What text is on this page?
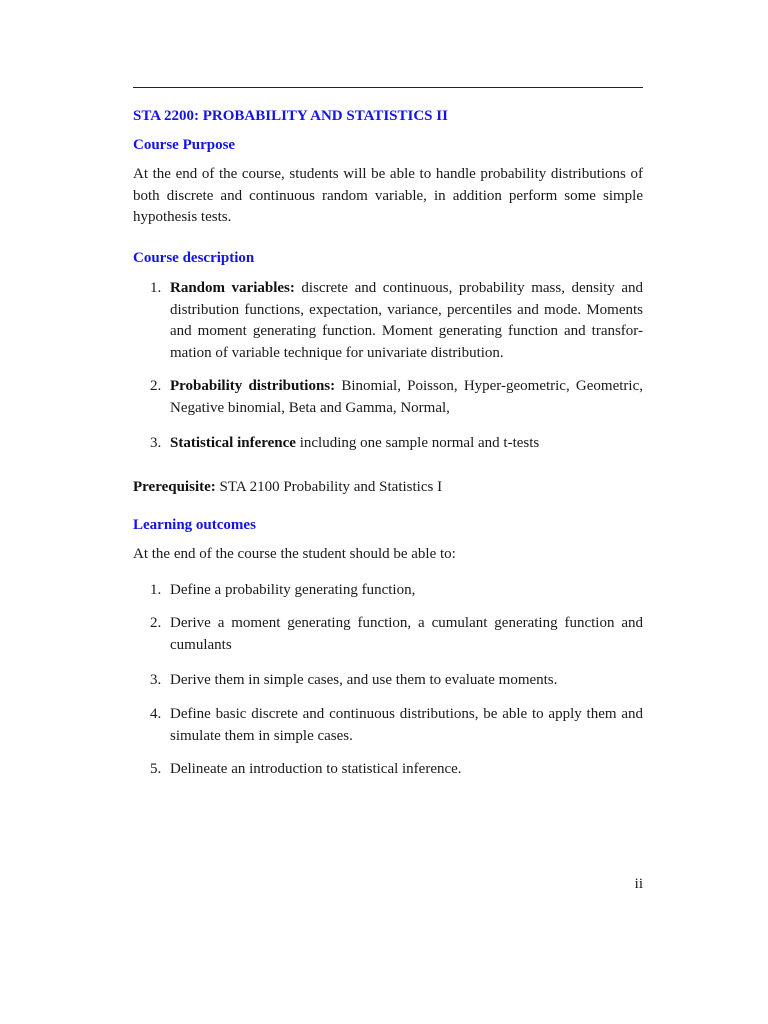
STA 2200: PROBABILITY AND STATISTICS II
Course Purpose
At the end of the course, students will be able to handle probability distributions of both discrete and continuous random variable, in addition perform some simple hypothesis tests.
Course description
1. Random variables: discrete and continuous, probability mass, density and distribution functions, expectation, variance, percentiles and mode. Moments and moment generating function. Moment generating function and transfor-mation of variable technique for univariate distribution.
2. Probability distributions: Binomial, Poisson, Hyper-geometric, Geometric, Negative binomial, Beta and Gamma, Normal,
3. Statistical inference including one sample normal and t-tests
Prerequisite: STA 2100 Probability and Statistics I
Learning outcomes
At the end of the course the student should be able to:
1. Define a probability generating function,
2. Derive a moment generating function, a cumulant generating function and cumulants
3. Derive them in simple cases, and use them to evaluate moments.
4. Define basic discrete and continuous distributions, be able to apply them and simulate them in simple cases.
5. Delineate an introduction to statistical inference.
ii
